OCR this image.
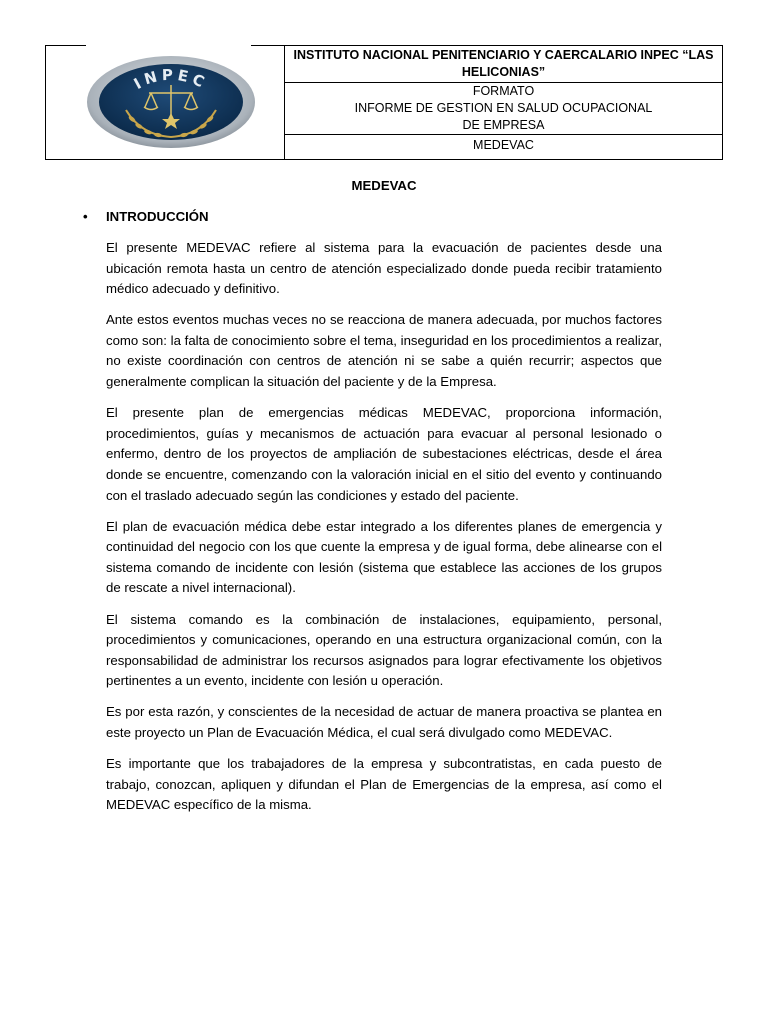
INPEC
INSTITUTO NACIONAL PENITENCIARIO Y CAERCALARIO INPEC “LAS HELICONIAS”
FORMATO
INFORME DE GESTION EN SALUD OCUPACIONAL
DE EMPRESA
MEDEVAC
MEDEVAC
• INTRODUCCIÓN

El presente MEDEVAC refiere al sistema para la evacuación de pacientes desde una ubicación remota hasta un centro de atención especializado donde pueda recibir tratamiento médico adecuado y definitivo.

Ante estos eventos muchas veces no se reacciona de manera adecuada, por muchos factores como son: la falta de conocimiento sobre el tema, inseguridad en los procedimientos a realizar, no existe coordinación con centros de atención ni se sabe a quién recurrir; aspectos que generalmente complican la situación del paciente y de la Empresa.

El presente plan de emergencias médicas MEDEVAC, proporciona información, procedimientos, guías y mecanismos de actuación para evacuar al personal lesionado o enfermo, dentro de los proyectos de ampliación de subestaciones eléctricas, desde el área donde se encuentre, comenzando con la valoración inicial en el sitio del evento y continuando con el traslado adecuado según las condiciones y estado del paciente.

El plan de evacuación médica debe estar integrado a los diferentes planes de emergencia y continuidad del negocio con los que cuente la empresa y de igual forma, debe alinearse con el sistema comando de incidente con lesión (sistema que establece las acciones de los grupos de rescate a nivel internacional).

El sistema comando es la combinación de instalaciones, equipamiento, personal, procedimientos y comunicaciones, operando en una estructura organizacional común, con la responsabilidad de administrar los recursos asignados para lograr efectivamente los objetivos pertinentes a un evento, incidente con lesión u operación.

Es por esta razón, y conscientes de la necesidad de actuar de manera proactiva se plantea en este proyecto un Plan de Evacuación Médica, el cual será divulgado como MEDEVAC.

Es importante que los trabajadores de la empresa y subcontratistas, en cada puesto de trabajo, conozcan, apliquen y difundan el Plan de Emergencias de la empresa, así como el MEDEVAC específico de la misma.
